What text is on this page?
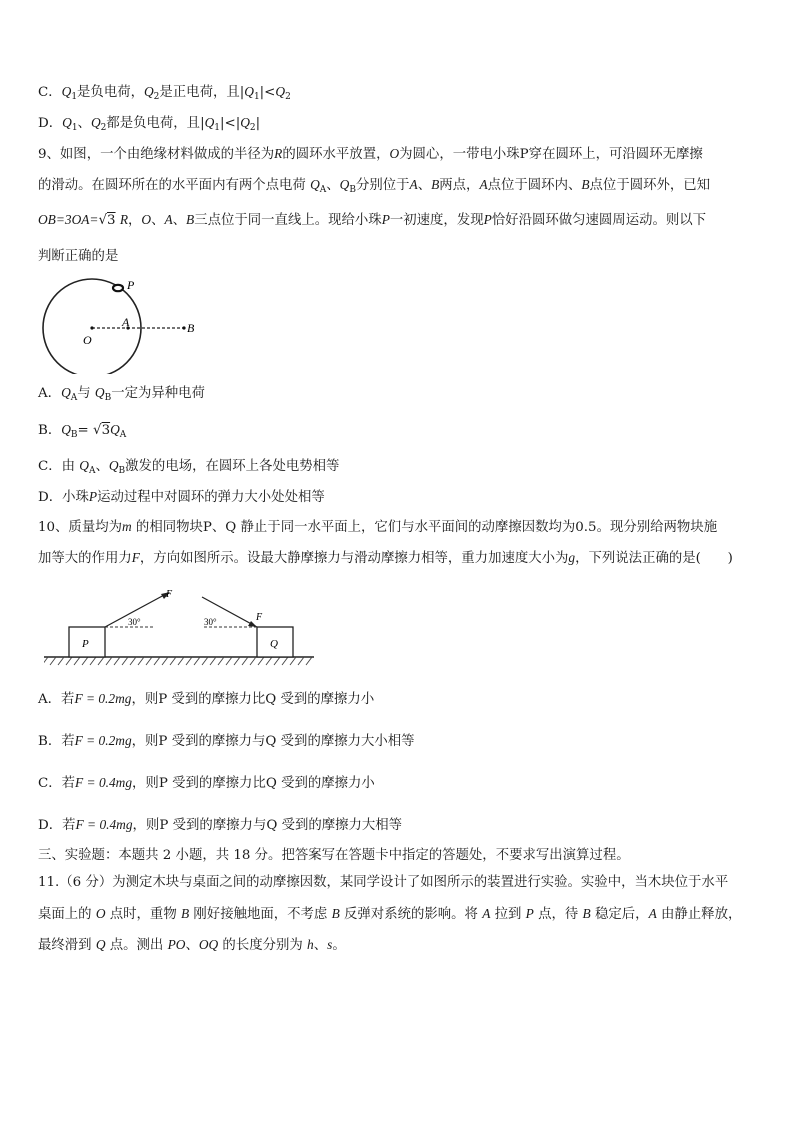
C．$Q_1$是负电荷，$Q_2$是正电荷，且$|Q_1|<Q_2$
D．$Q_1$、$Q_2$都是负电荷，且$|Q_1|<|Q_2|$
9、如图，一个由绝缘材料做成的半径为R的圆环水平放置，O为圆心，一带电小珠P穿在圆环上，可沿圆环无摩擦
的滑动。在圆环所在的水平面内有两个点电荷 $Q_A$、$Q_B$分别位于A、B两点，A点位于圆环内、B点位于圆环外，已知
OB=3OA=√3 R，O、A、B三点位于同一直线上。现给小珠P一初速度，发现P恰好沿圆环做匀速圆周运动。则以下
判断正确的是
P
A	B
O
A．$Q_A$与 $Q_B$一定为异种电荷
B．$Q_B= √3Q_A$
C．由 $Q_A$、$Q_B$激发的电场，在圆环上各处电势相等
D．小珠P运动过程中对圆环的弹力大小处处相等
10、质量均为m 的相同物块P、Q 静止于同一水平面上，它们与水平面间的动摩擦因数均为0.5。现分别给两物块施
加等大的作用力F，方向如图所示。设最大静摩擦力与滑动摩擦力相等，重力加速度大小为g，下列说法正确的是(　　)
P
F
30°
Q
F
30°
A．若F = 0.2mg，则P 受到的摩擦力比Q 受到的摩擦力小
B．若F = 0.2mg，则P 受到的摩擦力与Q 受到的摩擦力大小相等
C．若F = 0.4mg，则P 受到的摩擦力比Q 受到的摩擦力小
D．若F = 0.4mg，则P 受到的摩擦力与Q 受到的摩擦力大相等
三、实验题：本题共 2 小题，共 18 分。把答案写在答题卡中指定的答题处，不要求写出演算过程。
11.（6 分）为测定木块与桌面之间的动摩擦因数，某同学设计了如图所示的装置进行实验。实验中，当木块位于水平
桌面上的 O 点时，重物 B 刚好接触地面，不考虑 B 反弹对系统的影响。将 A 拉到 P 点，待 B 稳定后，A 由静止释放，
最终滑到 Q 点。测出 PO、OQ 的长度分别为 h、s。
